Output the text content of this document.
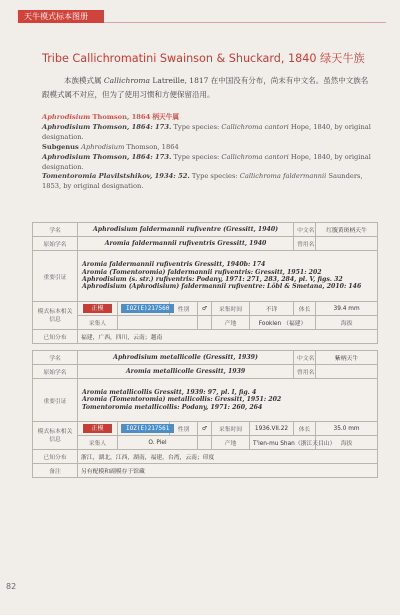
天牛模式标本图册
Tribe Callichromatini Swainson & Shuckard, 1840 绿天牛族
本族模式属 Callichroma Latreille, 1817 在中国没有分布，尚未有中文名。虽然中文族名跟模式属不对应，但为了使用习惯和方便保留沿用。

Aphrodisium Thomson, 1864 柄天牛属

Aphrodisium Thomson, 1864: 173. Type species: Callichroma cantori Hope, 1840, by original designation.

Subgenus Aphrodisium Thomson, 1864

Aphrodisium Thomson, 1864: 173. Type species: Callichroma cantori Hope, 1840, by original designation.

Tomentoromia Plavilstshikov, 1934: 52. Type species: Callichroma faldermannii Saunders, 1853, by original designation.

学名	Aphrodisium faldermannii rufiventre (Gressitt, 1940)						中文名	红腹黄斑柄天牛
原始学名	Aromia faldermannii rufiventris Gressitt, 1940						曾用名	
重要引证	Aromia faldermannii rufiventris Gressitt, 1940b: 174
Aromia (Tomentoromia) faldermannii rufiventris: Gressitt, 1951: 202
Aphrodisium (s. str.) rufiventris: Podany, 1971: 271, 283, 284, pl. V, figs. 32
Aphrodisium (Aphrodisium) faldermannii rufiventre: Löbl & Smetana, 2010: 146							

模式标本相关信息	正模	IOZ(E)217560	性别	♂	采集时间	不详	体长	39.4 mm
	采集人				产地	Fooklen （福建）		海拔
已知分布	福建，广西，四川，云南；越南							
学名	Aphrodisium metallicolle (Gressitt, 1939)						中文名	紫柄天牛
原始学名	Aromia metallicolle Gressitt, 1939						曾用名	
重要引证	Aromia metallicollis Gressitt, 1939: 97, pl. I, fig. 4
Aromia (Tomentoromia) metallicollis: Gressitt, 1951: 202
Tomentoromia metallicollis: Podany, 1971: 260, 264							

模式标本相关信息	正模	IOZ(E)217561	性别	♂	采集时间	1936.VII.22	体长	35.0 mm
	采集人	O. Piel			产地	T'ien-mu Shan（浙江天目山）		海拔
已知分布	浙江，湖北，江西，湖南，福建，台湾，云南；印度							
备注	另有配模和副模存于馆藏							
82
